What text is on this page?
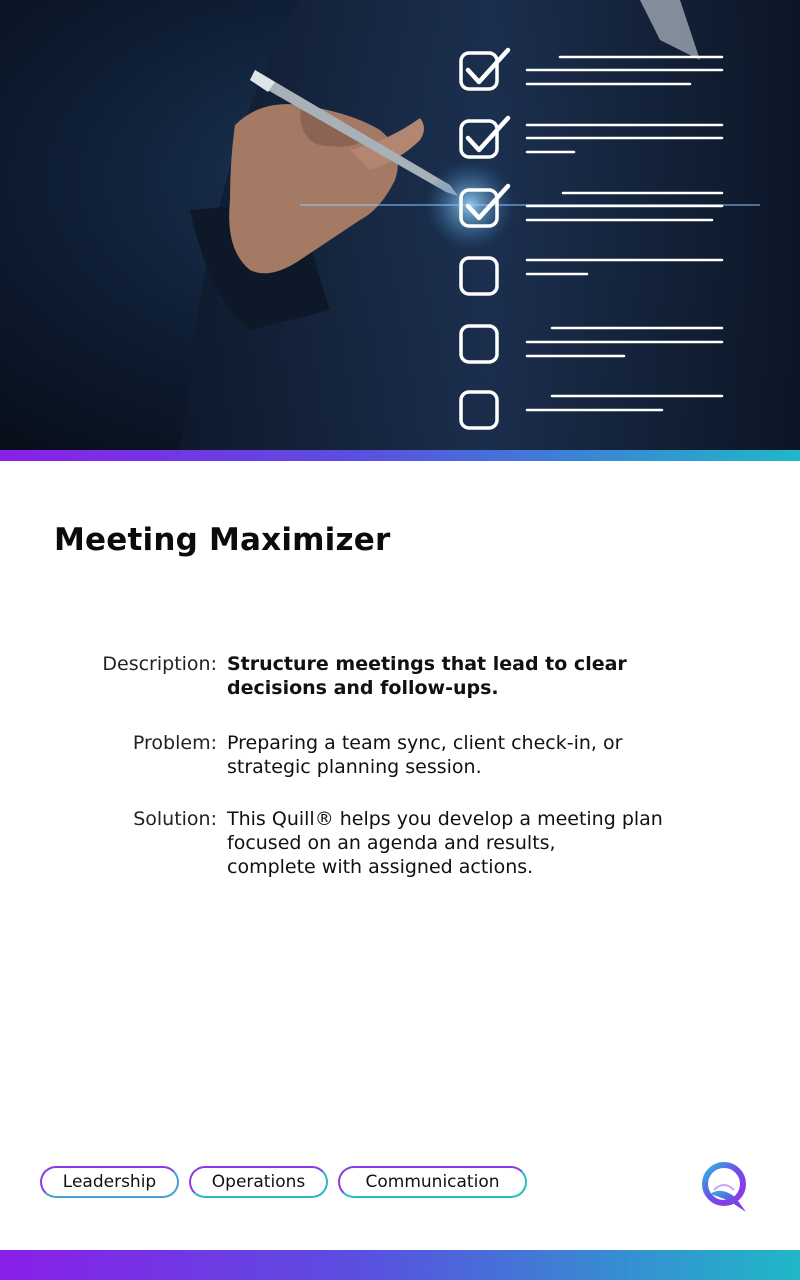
Meeting Maximizer
Description: Structure meetings that lead to clear
decisions and follow-ups.
Problem: Preparing a team sync, client check-in, or
strategic planning session.
Solution: This Quill® helps you develop a meeting plan
focused on an agenda and results,
complete with assigned actions.
Leadership	Operations	Communication
